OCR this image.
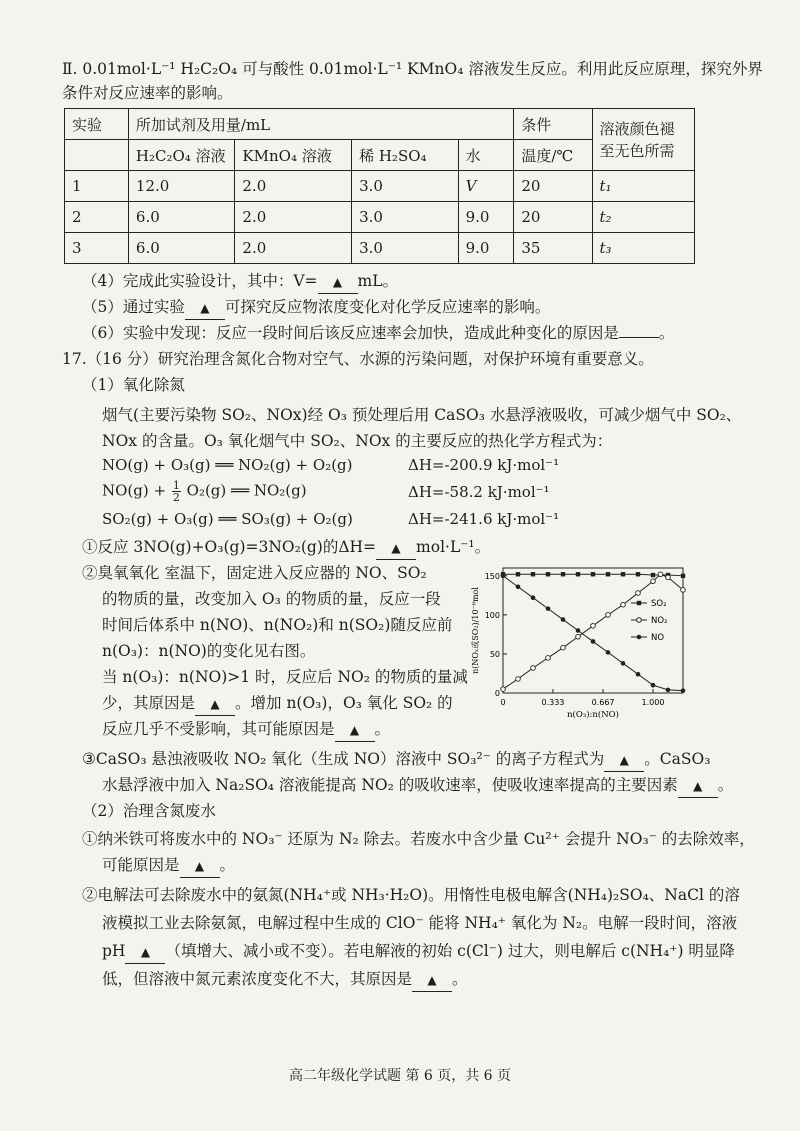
Ⅱ. 0.01mol·L⁻¹ H₂C₂O₄ 可与酸性 0.01mol·L⁻¹ KMnO₄ 溶液发生反应。利用此反应原理，探究外界
条件对反应速率的影响。
实验	所加试剂及用量/mL				条件	溶液颜色褪
至无色所需

	H₂C₂O₄ 溶液	KMnO₄ 溶液	稀 H₂SO₄	水	温度/℃	
1	12.0	2.0	3.0	V	20	t₁
2	6.0	2.0	3.0	9.0	20	t₂
3	6.0	2.0	3.0	9.0	35	t₃
（4）完成此实验设计，其中：V= ▲ mL。
（5）通过实验 ▲ 可探究反应物浓度变化对化学反应速率的影响。
（6）实验中发现：反应一段时间后该反应速率会加快，造成此种变化的原因是	。
17.（16 分）研究治理含氮化合物对空气、水源的污染问题，对保护环境有重要意义。
（1）氧化除氮
烟气(主要污染物 SO₂、NOx)经 O₃ 预处理后用 CaSO₃ 水悬浮液吸收，可减少烟气中 SO₂、
NOx 的含量。O₃ 氧化烟气中 SO₂、NOx 的主要反应的热化学方程式为：
NO(g) + O₃(g) ══ NO₂(g) + O₂(g)	ΔH=-200.9 kJ·mol⁻¹
$NO(g) + \frac{1}{2} O_2(g)$ ══ NO₂(g)	ΔH=-58.2 kJ·mol⁻¹
SO₂(g) + O₃(g) ══ SO₃(g) + O₂(g)	ΔH=-241.6 kJ·mol⁻¹
①反应 3NO(g)+O₃(g)=3NO₂(g)的ΔH= ▲ mol·L⁻¹。
②臭氧氧化 室温下，固定进入反应器的 NO、SO₂
的物质的量，改变加入 O₃ 的物质的量，反应一段
时间后体系中 n(NO)、n(NO₂)和 n(SO₂)随反应前
n(O₃)：n(NO)的变化见右图。
当 n(O₃)：n(NO)>1 时，反应后 NO₂ 的物质的量减
少，其原因是 ▲ 。增加 n(O₃)，O₃ 氧化 SO₂ 的
反应几乎不受影响，其可能原因是 ▲ 。
0	0.333	0.667	1.000
0
50
100
150
n(O₃):n(NO)
n(NOₓ或SO₂)/10⁻⁶mol	SO₂
NO₂
NO
③CaSO₃ 悬浊液吸收 NO₂ 氧化（生成 NO）溶液中 SO₃²⁻ 的离子方程式为 ▲ 。CaSO₃
水悬浮液中加入 Na₂SO₄ 溶液能提高 NO₂ 的吸收速率，使吸收速率提高的主要因素 ▲ 。
（2）治理含氮废水
①纳米铁可将废水中的 NO₃⁻ 还原为 N₂ 除去。若废水中含少量 Cu²⁺ 会提升 NO₃⁻ 的去除效率，
可能原因是 ▲ 。
②电解法可去除废水中的氨氮(NH₄⁺或 NH₃·H₂O)。用惰性电极电解含(NH₄)₂SO₄、NaCl 的溶
液模拟工业去除氨氮，电解过程中生成的 ClO⁻ 能将 NH₄⁺ 氧化为 N₂。电解一段时间，溶液
pH ▲ （填增大、减小或不变）。若电解液的初始 c(Cl⁻) 过大，则电解后 c(NH₄⁺) 明显降
低，但溶液中氮元素浓度变化不大，其原因是 ▲ 。
高二年级化学试题 第 6 页，共 6 页
